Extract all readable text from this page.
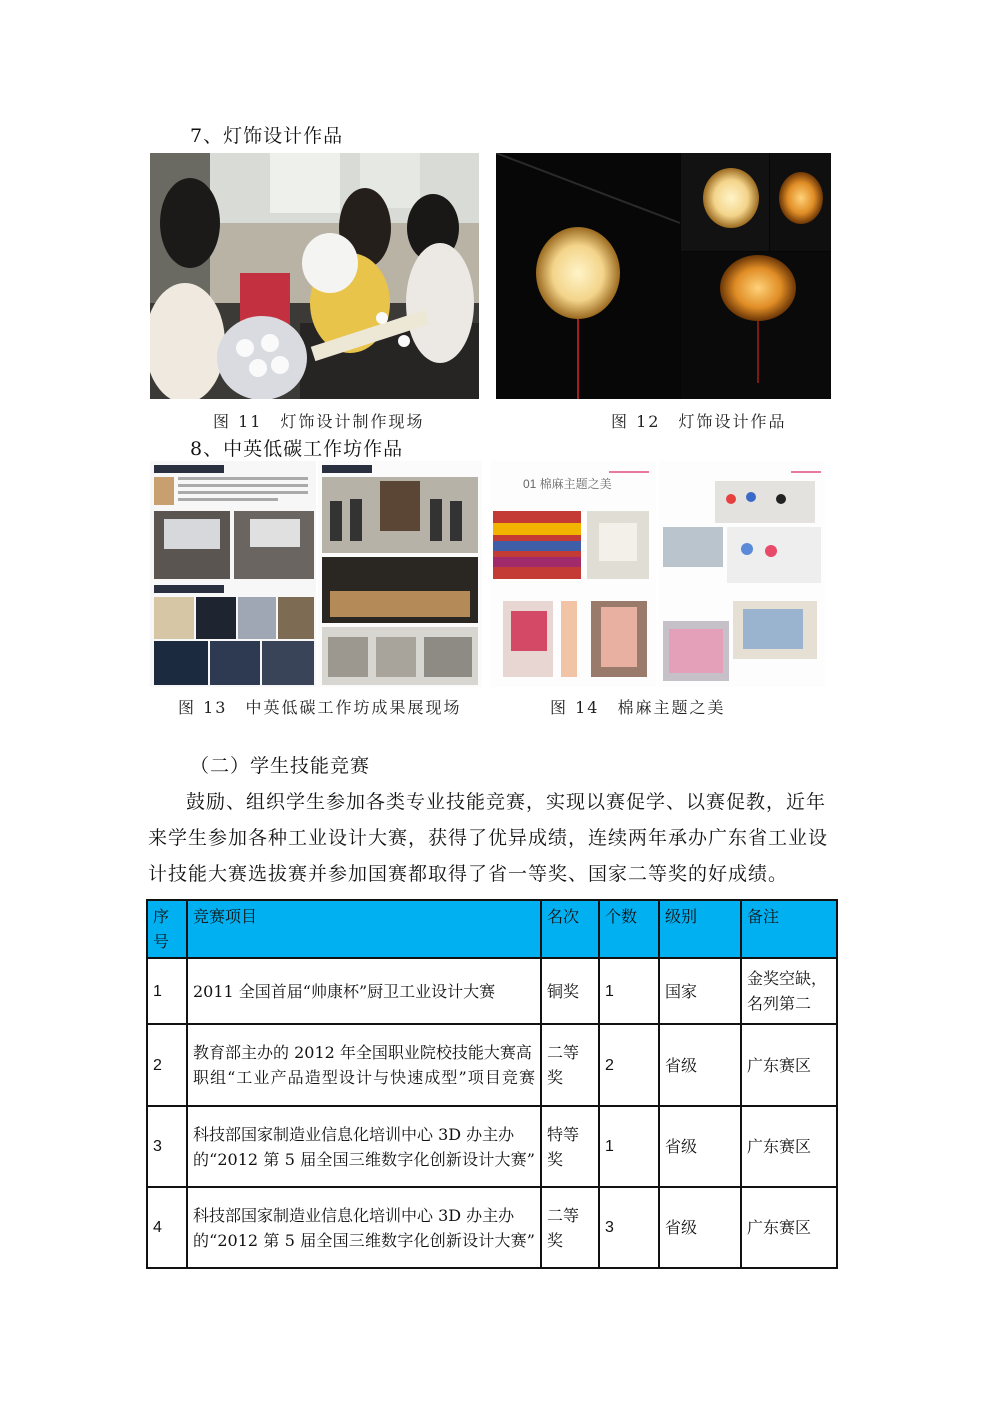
7、灯饰设计作品
图 11　灯饰设计制作现场	图 12　灯饰设计作品
8、中英低碳工作坊作品
01 棉麻主题之美
图 13　中英低碳工作坊成果展现场	图 14　棉麻主题之美
（二）学生技能竞赛

鼓励、组织学生参加各类专业技能竞赛，实现以赛促学、以赛促教，近年来学生参加各种工业设计大赛，获得了优异成绩，连续两年承办广东省工业设计技能大赛选拔赛并参加国赛都取得了省一等奖、国家二等奖的好成绩。

序号	竞赛项目	名次	个数	级别	备注
1	2011 全国首届“帅康杯”厨卫工业设计大赛	铜奖	1	国家	金奖空缺，名列第二
2	教育部主办的 2012 年全国职业院校技能大赛高职组“工业产品造型设计与快速成型”项目竞赛	二等奖	2	省级	广东赛区
3	科技部国家制造业信息化培训中心 3D 办主办的“2012 第 5 届全国三维数字化创新设计大赛”	特等奖	1	省级	广东赛区
4	科技部国家制造业信息化培训中心 3D 办主办的“2012 第 5 届全国三维数字化创新设计大赛”	二等奖	3	省级	广东赛区
